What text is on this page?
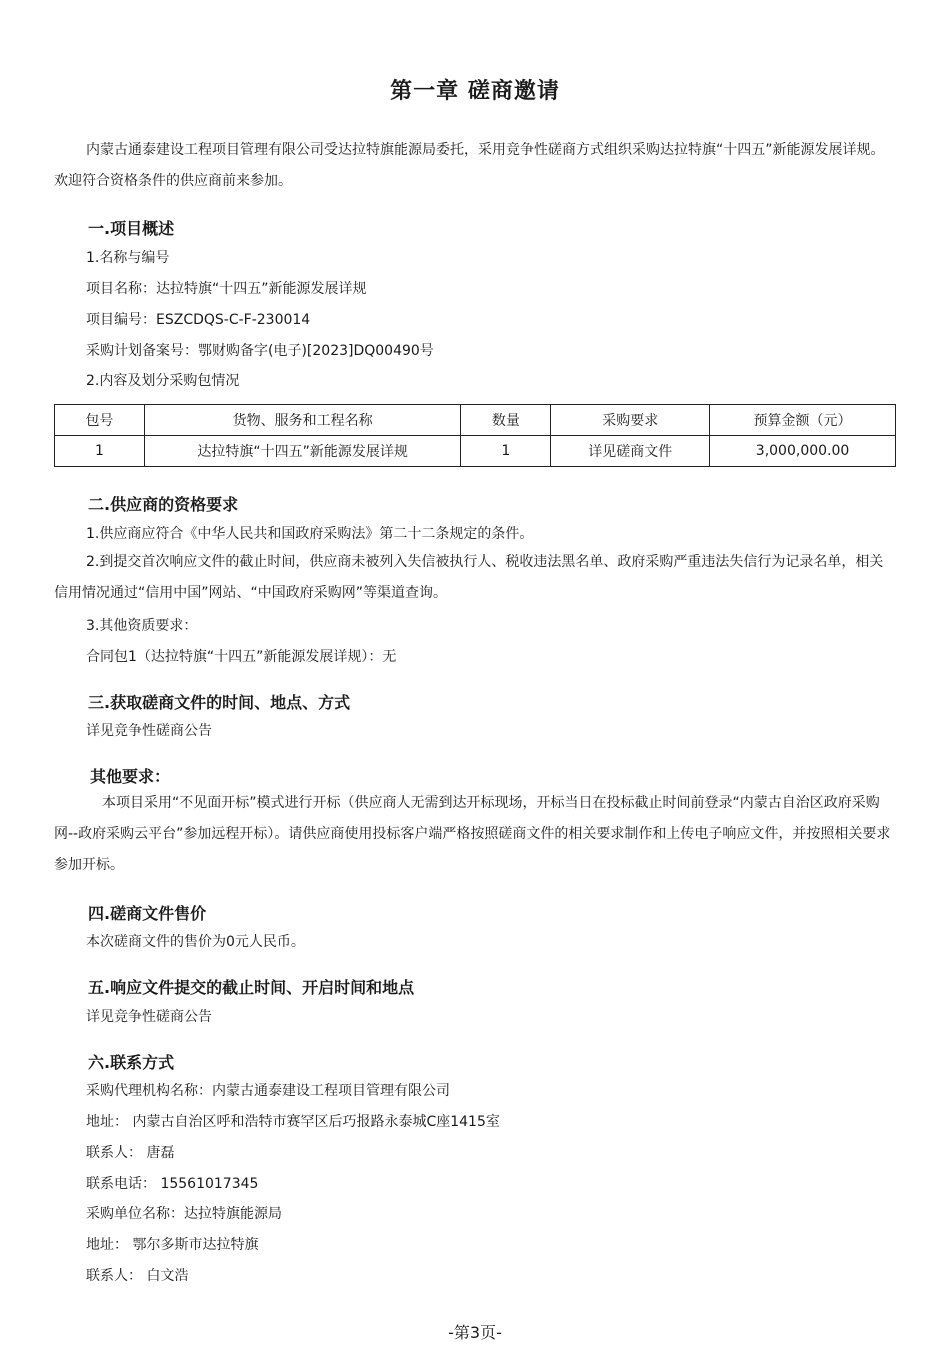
第一章 磋商邀请
内蒙古通泰建设工程项目管理有限公司受达拉特旗能源局委托，采用竞争性磋商方式组织采购达拉特旗“十四五”新能源发展详规。欢迎符合资格条件的供应商前来参加。
一.项目概述
1.名称与编号
项目名称：达拉特旗“十四五”新能源发展详规
项目编号：ESZCDQS-C-F-230014
采购计划备案号：鄂财购备字(电子)[2023]DQ00490号
2.内容及划分采购包情况
包号	货物、服务和工程名称	数量	采购要求	预算金额（元）
1	达拉特旗“十四五”新能源发展详规	1	详见磋商文件	3,000,000.00
二.供应商的资格要求
1.供应商应符合《中华人民共和国政府采购法》第二十二条规定的条件。
2.到提交首次响应文件的截止时间，供应商未被列入失信被执行人、税收违法黑名单、政府采购严重违法失信行为记录名单，相关信用情况通过“信用中国”网站、“中国政府采购网”等渠道查询。
3.其他资质要求：
合同包1（达拉特旗“十四五”新能源发展详规）：无
三.获取磋商文件的时间、地点、方式
详见竞争性磋商公告
其他要求：
本项目采用“不见面开标”模式进行开标（供应商人无需到达开标现场，开标当日在投标截止时间前登录“内蒙古自治区政府采购网--政府采购云平台”参加远程开标）。请供应商使用投标客户端严格按照磋商文件的相关要求制作和上传电子响应文件，并按照相关要求参加开标。
四.磋商文件售价
本次磋商文件的售价为0元人民币。
五.响应文件提交的截止时间、开启时间和地点
详见竞争性磋商公告
六.联系方式
采购代理机构名称：内蒙古通泰建设工程项目管理有限公司
地址： 内蒙古自治区呼和浩特市赛罕区后巧报路永泰城C座1415室
联系人： 唐磊
联系电话： 15561017345
采购单位名称：达拉特旗能源局
地址： 鄂尔多斯市达拉特旗
联系人： 白文浩
-第3页-
